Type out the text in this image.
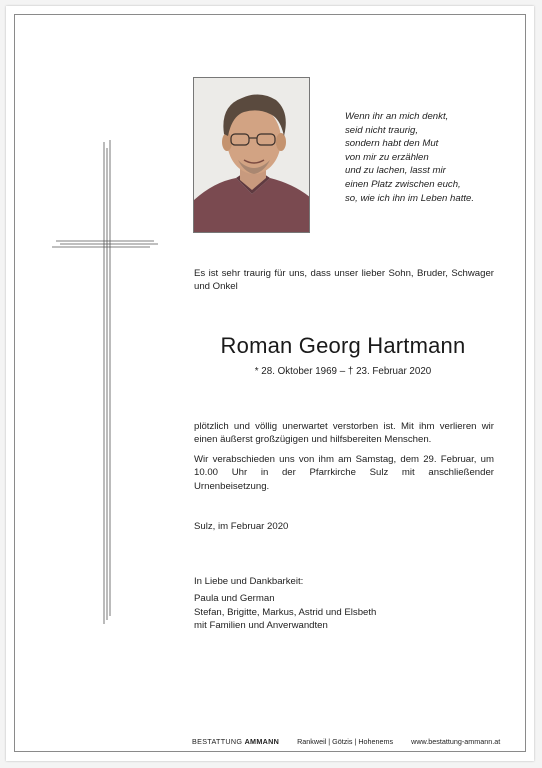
Wenn ihr an mich denkt,
seid nicht traurig,
sondern habt den Mut
von mir zu erzählen
und zu lachen, lasst mir
einen Platz zwischen euch,
so, wie ich ihn im Leben hatte.
Es ist sehr traurig für uns, dass unser lieber Sohn, Bruder, Schwager und Onkel
Roman Georg Hartmann
* 28. Oktober 1969 – † 23. Februar 2020
plötzlich und völlig unerwartet verstorben ist. Mit ihm verlieren wir einen äußerst großzügigen und hilfsbereiten Menschen.
Wir verabschieden uns von ihm am Samstag, dem 29. Februar, um 10.00 Uhr in der Pfarrkirche Sulz mit anschließender Urnenbeisetzung.
Sulz, im Februar 2020
In Liebe und Dankbarkeit:
Paula und German
Stefan, Brigitte, Markus, Astrid und Elsbeth
mit Familien und Anverwandten
BESTATTUNG AMMANN	Rankweil | Götzis | Hohenems	www.bestattung-ammann.at
